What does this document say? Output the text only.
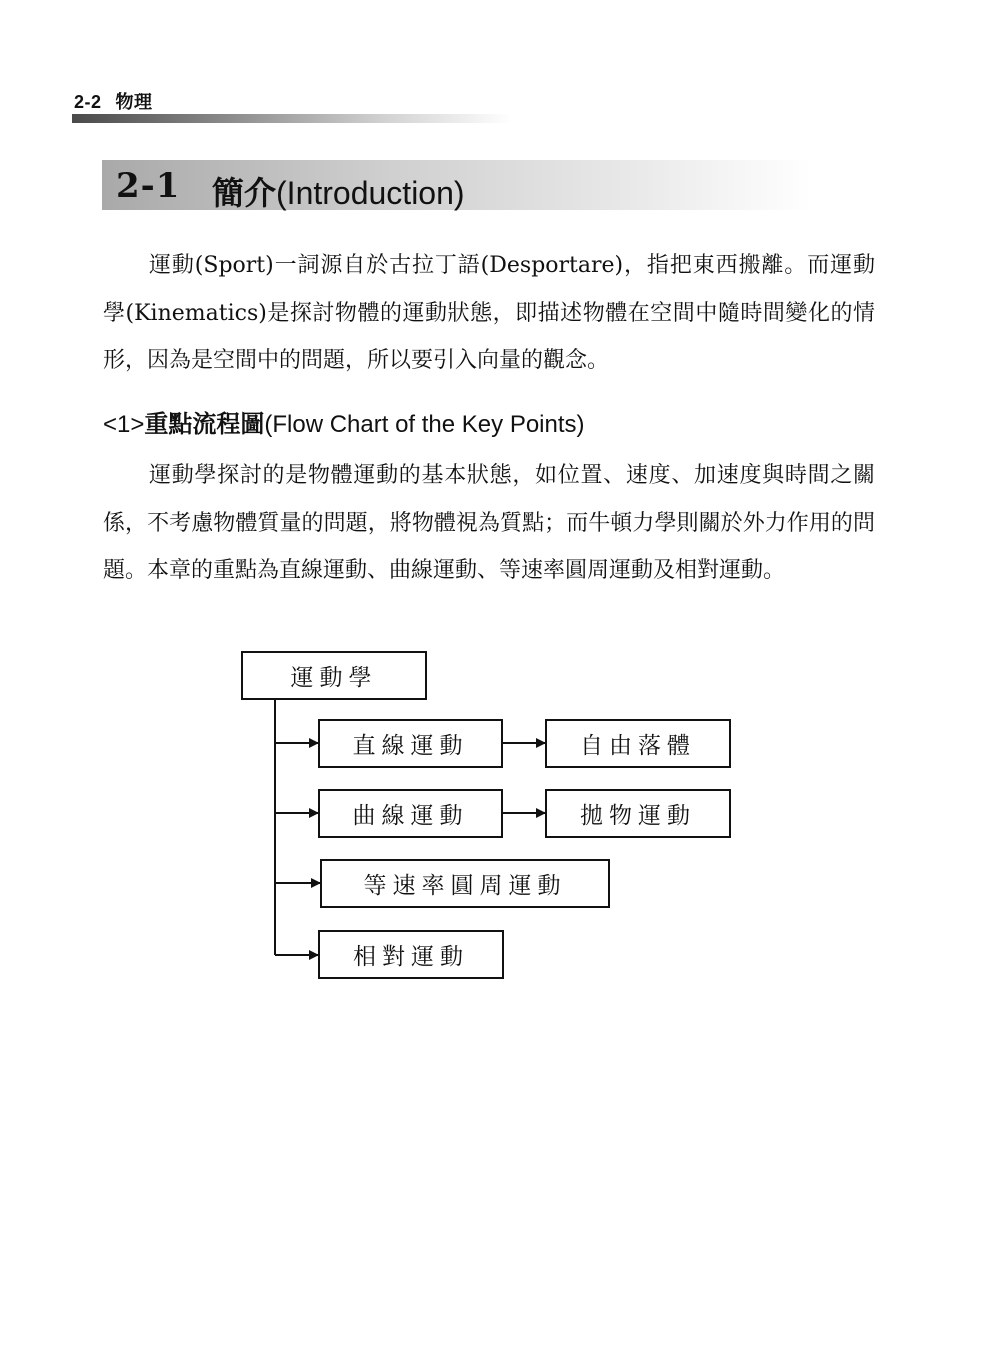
2-2 物理
2-1 簡介(Introduction)
運動(Sport)一詞源自於古拉丁語(Desportare)，指把東西搬離。而運動學(Kinematics)是探討物體的運動狀態，即描述物體在空間中隨時間變化的情形，因為是空間中的問題，所以要引入向量的觀念。
<1>重點流程圖(Flow Chart of the Key Points)
運動學探討的是物體運動的基本狀態，如位置、速度、加速度與時間之關係，不考慮物體質量的問題，將物體視為質點；而牛頓力學則關於外力作用的問題。本章的重點為直線運動、曲線運動、等速率圓周運動及相對運動。
運動學
直線運動	自由落體
曲線運動	拋物運動
等速率圓周運動
相對運動
